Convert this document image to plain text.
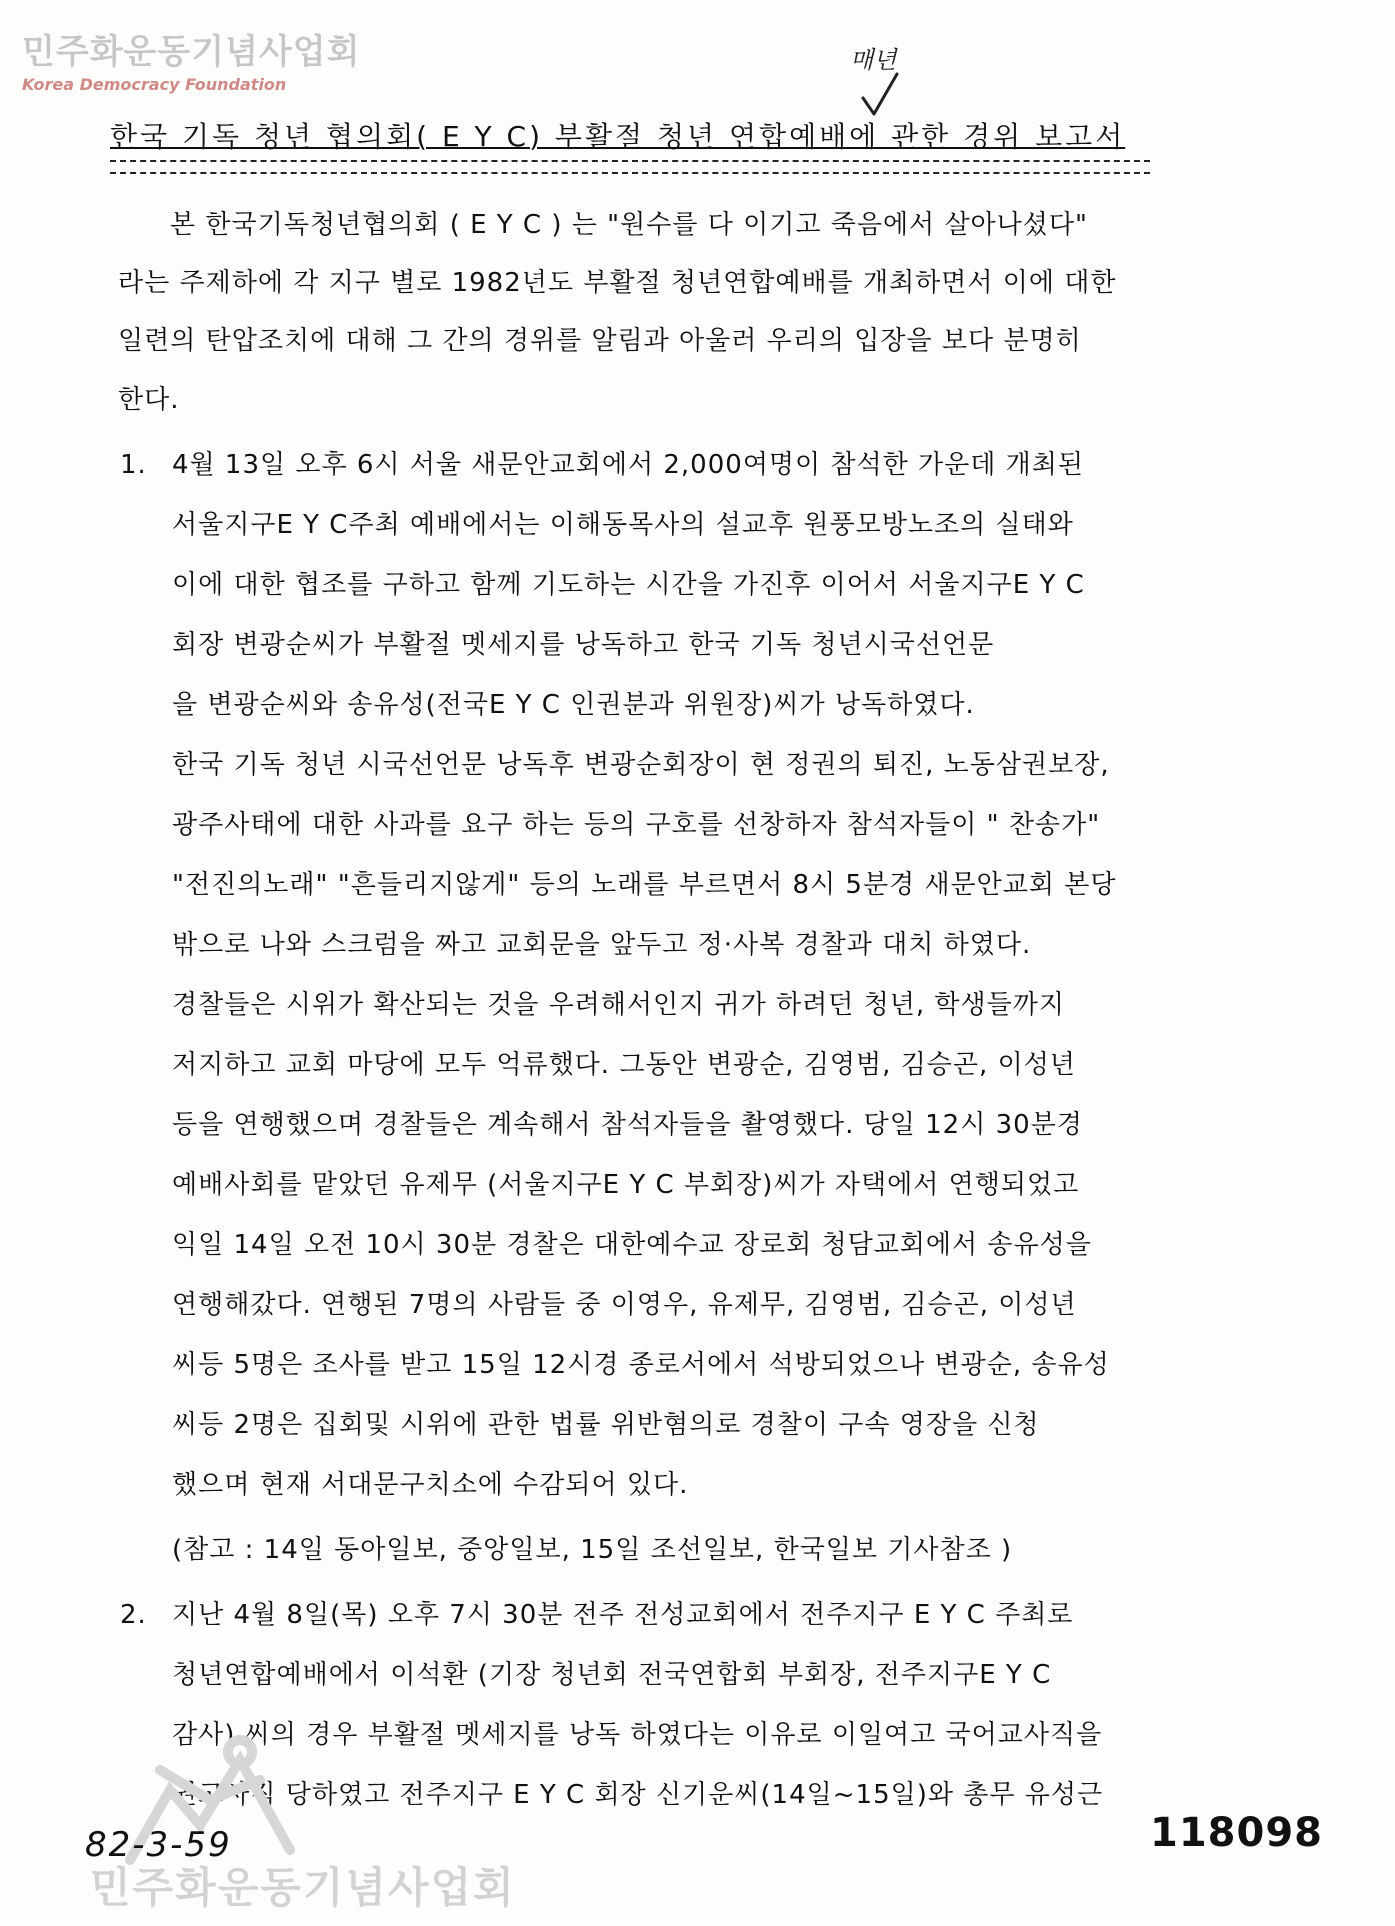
민주화운동기념사업회
Korea Democracy Foundation
매년
한국 기독 청년 협의회( E Y C) 부활절 청년 연합예배에 관한 경위 보고서
본 한국기독청년협의회 ( E Y C ) 는 "원수를 다 이기고 죽음에서 살아나셨다"
라는 주제하에 각 지구 별로 1982년도 부활절 청년연합예배를 개최하면서 이에 대한
일련의 탄압조치에 대해 그 간의 경위를 알림과 아울러 우리의 입장을 보다 분명히
한다.
1. 4월 13일 오후 6시 서울 새문안교회에서 2,000여명이 참석한 가운데 개최된
서울지구E Y C주최 예배에서는 이해동목사의 설교후 원풍모방노조의 실태와
이에 대한 협조를 구하고 함께 기도하는 시간을 가진후 이어서 서울지구E Y C
회장 변광순씨가 부활절 멧세지를 낭독하고 한국 기독 청년시국선언문
을 변광순씨와 송유성(전국E Y C 인권분과 위원장)씨가 낭독하였다.
한국 기독 청년 시국선언문 낭독후 변광순회장이 현 정권의 퇴진, 노동삼권보장,
광주사태에 대한 사과를 요구 하는 등의 구호를 선창하자 참석자들이 " 찬송가"
"전진의노래" "흔들리지않게" 등의 노래를 부르면서 8시 5분경 새문안교회 본당
밖으로 나와 스크럼을 짜고 교회문을 앞두고 정·사복 경찰과 대치 하였다.
경찰들은 시위가 확산되는 것을 우려해서인지 귀가 하려던 청년, 학생들까지
저지하고 교회 마당에 모두 억류했다. 그동안 변광순, 김영범, 김승곤, 이성년
등을 연행했으며 경찰들은 계속해서 참석자들을 촬영했다. 당일 12시 30분경
예배사회를 맡았던 유제무 (서울지구E Y C 부회장)씨가 자택에서 연행되었고
익일 14일 오전 10시 30분 경찰은 대한예수교 장로회 청담교회에서 송유성을
연행해갔다. 연행된 7명의 사람들 중 이영우, 유제무, 김영범, 김승곤, 이성년
씨등 5명은 조사를 받고 15일 12시경 종로서에서 석방되었으나 변광순, 송유성
씨등 2명은 집회및 시위에 관한 법률 위반혐의로 경찰이 구속 영장을 신청
했으며 현재 서대문구치소에 수감되어 있다.
(참고 : 14일 동아일보, 중앙일보, 15일 조선일보, 한국일보 기사참조 )
2. 지난 4월 8일(목) 오후 7시 30분 전주 전성교회에서 전주지구 E Y C 주최로
청년연합예배에서 이석환 (기장 청년회 전국연합회 부회장, 전주지구E Y C
감사) 씨의 경우 부활절 멧세지를 낭독 하였다는 이유로 이일여고 국어교사직을
권고사직 당하였고 전주지구 E Y C 회장 신기운씨(14일~15일)와 총무 유성근
민주화운동기념사업회
82-3-59	118098
